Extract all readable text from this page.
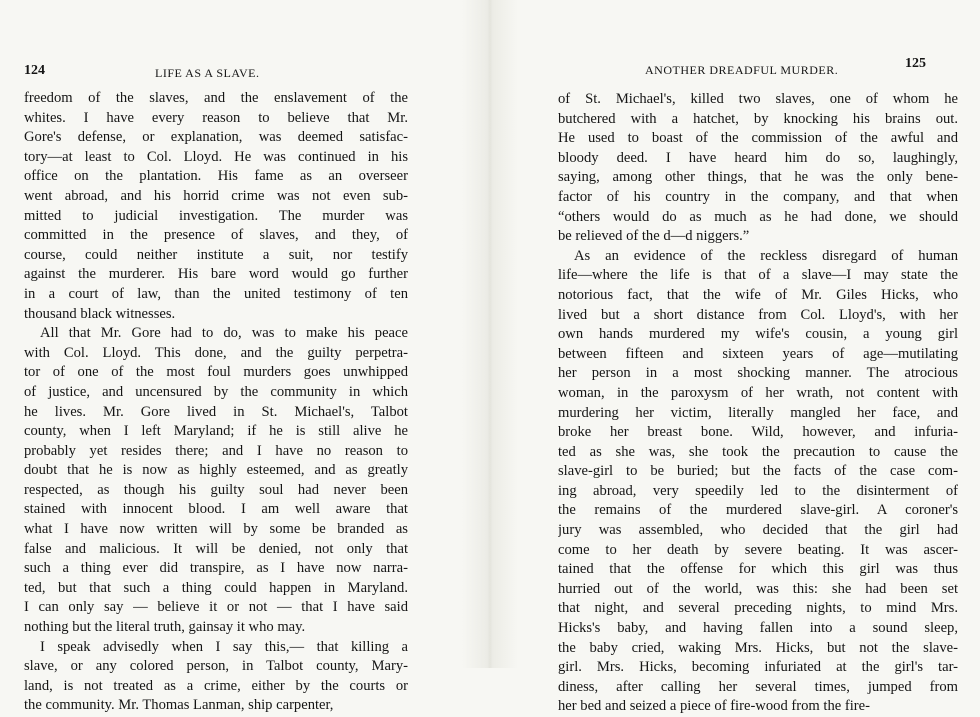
124	LIFE AS A SLAVE.
freedom of the slaves, and the enslavement of the
whites. I have every reason to believe that Mr.
Gore's defense, or explanation, was deemed satisfac-
tory—at least to Col. Lloyd. He was continued in his
office on the plantation. His fame as an overseer
went abroad, and his horrid crime was not even sub-
mitted to judicial investigation. The murder was
committed in the presence of slaves, and they, of
course, could neither institute a suit, nor testify
against the murderer. His bare word would go further
in a court of law, than the united testimony of ten
thousand black witnesses.
All that Mr. Gore had to do, was to make his peace
with Col. Lloyd. This done, and the guilty perpetra-
tor of one of the most foul murders goes unwhipped
of justice, and uncensured by the community in which
he lives. Mr. Gore lived in St. Michael's, Talbot
county, when I left Maryland; if he is still alive he
probably yet resides there; and I have no reason to
doubt that he is now as highly esteemed, and as greatly
respected, as though his guilty soul had never been
stained with innocent blood. I am well aware that
what I have now written will by some be branded as
false and malicious. It will be denied, not only that
such a thing ever did transpire, as I have now narra-
ted, but that such a thing could happen in Maryland.
I can only say — believe it or not — that I have said
nothing but the literal truth, gainsay it who may.
I speak advisedly when I say this,— that killing a
slave, or any colored person, in Talbot county, Mary-
land, is not treated as a crime, either by the courts or
the community. Mr. Thomas Lanman, ship carpenter,
ANOTHER DREADFUL MURDER.	125
of St. Michael's, killed two slaves, one of whom he
butchered with a hatchet, by knocking his brains out.
He used to boast of the commission of the awful and
bloody deed. I have heard him do so, laughingly,
saying, among other things, that he was the only bene-
factor of his country in the company, and that when
“others would do as much as he had done, we should
be relieved of the d—d niggers.”
As an evidence of the reckless disregard of human
life—where the life is that of a slave—I may state the
notorious fact, that the wife of Mr. Giles Hicks, who
lived but a short distance from Col. Lloyd's, with her
own hands murdered my wife's cousin, a young girl
between fifteen and sixteen years of age—mutilating
her person in a most shocking manner. The atrocious
woman, in the paroxysm of her wrath, not content with
murdering her victim, literally mangled her face, and
broke her breast bone. Wild, however, and infuria-
ted as she was, she took the precaution to cause the
slave-girl to be buried; but the facts of the case com-
ing abroad, very speedily led to the disinterment of
the remains of the murdered slave-girl. A coroner's
jury was assembled, who decided that the girl had
come to her death by severe beating. It was ascer-
tained that the offense for which this girl was thus
hurried out of the world, was this: she had been set
that night, and several preceding nights, to mind Mrs.
Hicks's baby, and having fallen into a sound sleep,
the baby cried, waking Mrs. Hicks, but not the slave-
girl. Mrs. Hicks, becoming infuriated at the girl's tar-
diness, after calling her several times, jumped from
her bed and seized a piece of fire-wood from the fire-
